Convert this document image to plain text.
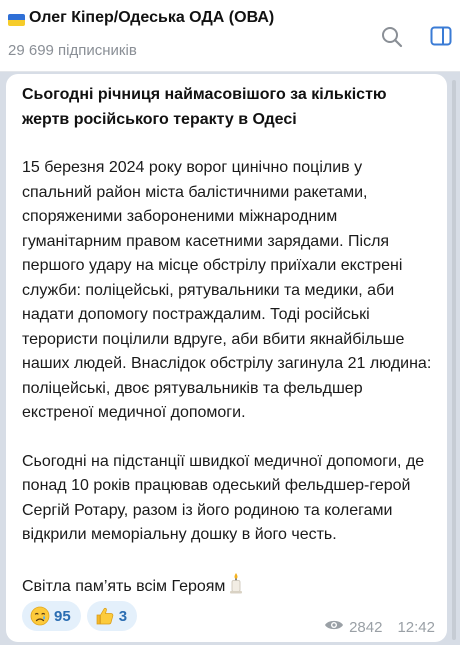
Олег Кіпер/Одеська ОДА (ОВА)
29 699 підписників

Сьогодні річниця наймасовішого за кількістю жертв російського теракту в Одесі

15 березня 2024 року ворог цинічно поцілив у спальний район міста балістичними ракетами, споряженими забороненими міжнародним гуманітарним правом касетними зарядами. Після першого удару на місце обстрілу приїхали екстрені служби: поліцейські, рятувальники та медики, аби надати допомогу постраждалим. Тоді російські терористи поцілили вдруге, аби вбити якнайбільше наших людей. Внаслідок обстрілу загинула 21 людина: поліцейські, двоє рятувальників та фельдшер екстреної медичної допомоги.

Сьогодні на підстанції швидкої медичної допомоги, де понад 10 років працював одеський фельдшер-герой Сергій Ротару, разом із його родиною та колегами відкрили меморіальну дошку в його честь.

Світла пам’ять всім Героям

95	3
2842 12:42
